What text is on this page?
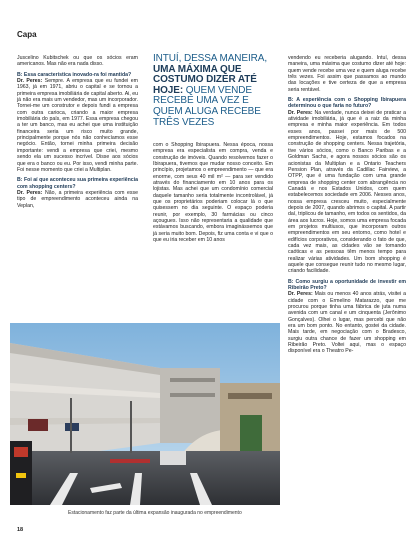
Capa

Juscelino Kubitschek ou que os sócios eram americanos. Mas não era nada disso.

B: Essa característica inovado-ra foi mantida?

Dr. Peres: Sempre. A empresa que eu fundei em 1963, já em 1971, abriu o capital e se tornou a primeira empresa imobiliária de capital aberto. Ai, eu já não era mais um vendedor, mas um incorporador. Tornei-me um construtor e depois fundi a empresa com outra carioca, criando a maior empresa imobiliária do país, em 1977. Essa empresa chegou a ter um banco, mas eu achei que uma instituição financeira seria um risco muito grande, principalmente porque nós não conhecíamos esse negócio. Então, tornei minha primeira decisão importante: vendi a empresa que criei, mesmo sendo ela um sucesso incrível. Disse aos sócios que era o banco ou eu. Por isso, vendi minha parte. Foi nesse momento que criei a Multiplan.

B: Foi aí que aconteceu sua primeira experiência com shopping centers?

Dr. Peres: Não, a primeira experiência com esse tipo de empreendimento aconteceu ainda na Veplan,

INTUÍ, DESSA MANEIRA, UMA MÁXIMA QUE COSTUMO DIZER ATÉ HOJE: QUEM VENDE RECEBE UMA VEZ E QUEM ALUGA RECEBE TRÊS VEZES

com o Shopping Ibirapuera. Nessa época, nossa empresa era especialista em compra, venda e construção de imóveis. Quando resolvemos fazer o Ibirapuera, tivemos que mudar nosso conceito. Em princípio, projetamos o empreendimento — que era enorme, com seus 40 mil m² — para ser vendido através do financiamento em 10 anos para os lojistas. Mas achei que um condomínio comercial daquele tamanho seria totalmente incontrolável, já que os proprietários poderiam colocar lá o que quisessem no dia seguinte. O espaço poderia reunir, por exemplo, 30 farmácias ou cinco açougues. Isso não representaria a qualidade que estávamos buscando, embora imaginássemos que já seria muito bom. Depois, fiz uma conta e vi que o que eu iria receber em 10 anos

vendendo eu receberia alugando. Intuí, dessa maneira, uma máxima que costumo dizer até hoje: quem vende recebe uma vez e quem aluga recebe três vezes. Foi assim que passamos ao mundo das locações e tive certeza de que a empresa seria rentável.

B: A experiência com o Shopping Ibirapuera determinou o que faria no futuro?

Dr. Peres: Na verdade, nunca deixei de praticar a atividade imobiliária, já que é a raiz da minha empresa e minha maior experiência. Em todos esses anos, passei por mais de 500 empreendimentos. Hoje, estamos focados na construção de shopping centers. Nessa trajetória, tive vários sócios, como o Banco Paribas e a Goldman Sachs, e agora nossos sócios são os acionistas da Multiplan e a Ontario Teachers Pension Plan, através da Cadillac Fairview, a OTPP, que é uma fundação com uma grande empresa de shopping center com abrangência no Canadá e nos Estados Unidos, com quem estabelecemos sociedade em 2006. Nesses anos, nossa empresa cresceu muito, especialmente depois de 2007, quando abrimos o capital. A partir daí, triplicou de tamanho, em todos os sentidos, da área aos lucros. Hoje, somos uma empresa focada em projetos multiusos, que incorporam outros empreendimentos em seu entorno, como hotel e edifícios corporativos, considerando o fato de que, cada vez mais, as cidades vão se tornando caóticas e as pessoas têm menos tempo para realizar várias atividades. Um bom shopping é aquele que consegue reunir tudo no mesmo lugar, criando facilidade.

B: Como surgiu a oportunidade de investir em Ribeirão Preto?

Dr. Peres: Mais ou menos 40 anos atrás, visitei a cidade com o Ermelino Matarazzo, que me procurou porque tinha uma fábrica de juta numa avenida com um canal e um cinquenta (Jerônimo Gonçalves). Olhei o lugar, mas percebi que não era um bom ponto. No entanto, gostei da cidade. Mais tarde, em negociação com o Bradesco, surgiu outra chance de fazer um shopping em Ribeirão Preto. Voltei aqui, mas o espaço disponível era o Theatro Pe-

Estacionamento faz parte da última expansão inaugurada no empreendimento
18
